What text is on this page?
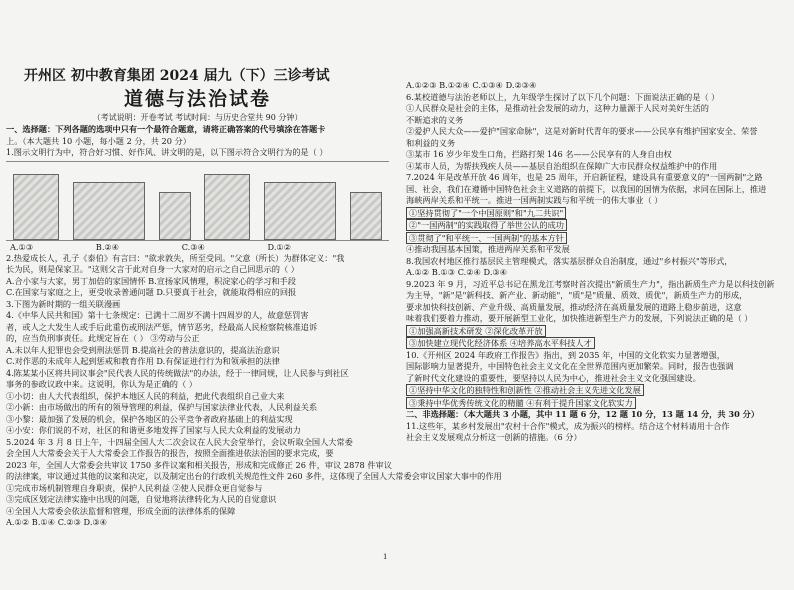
开州区 初中教育集团 2024 届九（下）三诊考试
道德与法治试卷
（考试说明：开卷考试 考试时间：与历史合堂共 90 分钟）
一、选择题：下列各题的选项中只有一个最符合题意，请将正确答案的代号填涂在答题卡
上。（本大题共 10 小题，每小题 2 分，共 20 分）
1.图示文明行为中，符合好习惯、好作风、讲文明的是，以下图示符合文明行为的是（ ）
A.①③ B.②④ C.③④ D.①②
2.热爱成长人，孔子《泰伯》有言曰："欲求敦失，所至受同。"父意（所长）为群体定义："我
长为民，则是保家卫。"这则父言于此对自身一大家对的启示之自己回思示的（ ）
A.合小家与大家，男丁加倍的家国情怀 B.宣扬家风情理，积淀家心的学习和手段
C.在国家与家庭之上，更受收录普通问题 D.只要真于社会，就能取得相应的回报
3.下图为新时期的一组关联漫画
4.《中华人民共和国》第十七条规定：已满十二周岁不满十四周岁的人，故意惩罚害
者，或人之大发生人或手后此重伤或刑法严惩，情节恶劣，经最高人民检察院核准追诉
的，应当负刑事责任。此规定旨在（ ） ③劳动与公正
A.未以年人犯罪也会受到刑法惩罚 B.提高社会的普法意识的，提高法治意识
C.对作恶的未成年人起到惩戒和教育作用 D.有保证进行行为和领承担的法律
4.陈某某小区将共同议事会"民代表人民的传统做法"的办法，经于一律同规，让人民参与到社区
事务的参政议政中来。这说明，你认为是正确的（ ）
①小切：由人大代表组织，保护本地区人民的利益，把此代表组织自己业大来
②小新：由市场做出的所有的领导管理的利益，保护与国家法律业代表，人民利益关系
③小黎：最加强了发展的机会，保护各地区的公平竞争者政府基础上的利益实现
④小安：你们说的不对，社区的和谐更多地发挥了国家与人民大众利益的发展动力
5.2024 年 3 月 8 日上午，十四届全国人大二次会议在人民大会堂举行，会议听取全国人大常委
会全国人大常委会关于人大常委会工作报告的报告，按照全面推进依法治国的要求完成，要
2023 年，全国人大常委会共审议 1750 多件议案和相关报告，形成和完成修正 26 件，审议 2878 件审议
的法律案，审议通过其他的议案和决定，以及制定出台的行政机关规范性文件 260 多件，这体现了全国人大常委会审议国家大事中的作用
①完成市场机制管理自身职责，保护人民利益 ②使人民群众更自觉参与
③完成区划定法律实施中出现的问题，自觉地将法律转化为人民的自觉意识
④全国人大常委会依法监督和管理，形成全面的法律体系的保障
A.①② B.①④ C.②③ D.③④
A.①②③ B.①②④ C.①③④ D.②③④
6.某校道德与法治老师以上，九年级学生探讨了以下几个问题：下面说法正确的是（ ）
①人民群众是社会的主体，是推动社会发展的动力，这种力量源于人民对美好生活的
不断追求的义务
②爱护人民大众——爱护"国家命脉"，这是对新时代青年的要求——公民享有维护国家安全、荣誉
和利益的义务
③某市 16 岁少年发生口角，拦路打架 146 名——公民享有的人身自由权
④某市人员，为帮扶残疾人员——基层自治组织在保障广大市民群众权益维护中的作用
7.2024 年是改革开放 46 周年，也是 25 周年，开启新征程，建设具有重要意义的"一国两制"之路
国、社会，我们在遵循中国特色社会主义道路的前提下，以我国的国情为依据，求同在国际上，推进
海峡两岸关系和平统一。推进一国两制实践与和平统一的伟大事业（ ）
①坚持贯彻了"一个中国原则"和"九二共识"
②"一国两制"的实践取得了举世公认的成功
③贯彻了"和平统一、一国两制"的基本方针
④推动我国基本国策，推进两岸关系和平发展
8.我国农村地区推行基层民主管理模式，落实基层群众自治制度，通过"乡村振兴"等形式，
A.①② B.①③ C.②④ D.③④
9.2023 年 9 月，习近平总书记在黑龙江考察时首次提出"新质生产力"，指出新质生产力是以科技创新
为主导，"新"是"新科技、新产业、新动能"，"质"是"质量、质效、质优"，新质生产力的形成，
要求加快科技创新、产业升级、高质量发展，推动经济在高质量发展的道路上稳步前进，这意
味着我们要着力推动，要开展新型工业化，加快推进新型生产力的发展，下列说法正确的是（ ）
①加强高新技术研发 ②深化改革开放
③加快建立现代化经济体系 ④培养高水平科技人才
10.《开州区 2024 年政府工作报告》指出，到 2035 年，中国的文化软实力显著增强，
国际影响力显著提升，中国特色社会主义文化在全世界范围内更加繁荣。同时，报告也强调
了新时代文化建设的重要性，要坚持以人民为中心，推进社会主义文化强国建设。
①坚持中华文化的独特性和创新性 ②推动社会主义先进文化发展
③秉持中华优秀传统文化的精髓 ④有利于提升国家文化软实力
二、非选择题：（本大题共 3 小题，其中 11 题 6 分，12 题 10 分，13 题 14 分，共 30 分）
11.这些年，某乡村发展出"农村十合作"模式，成为振兴的榜样。结合这个材料请用十合作
社会主义发展观点分析这一创新的措施。（6 分）
1
